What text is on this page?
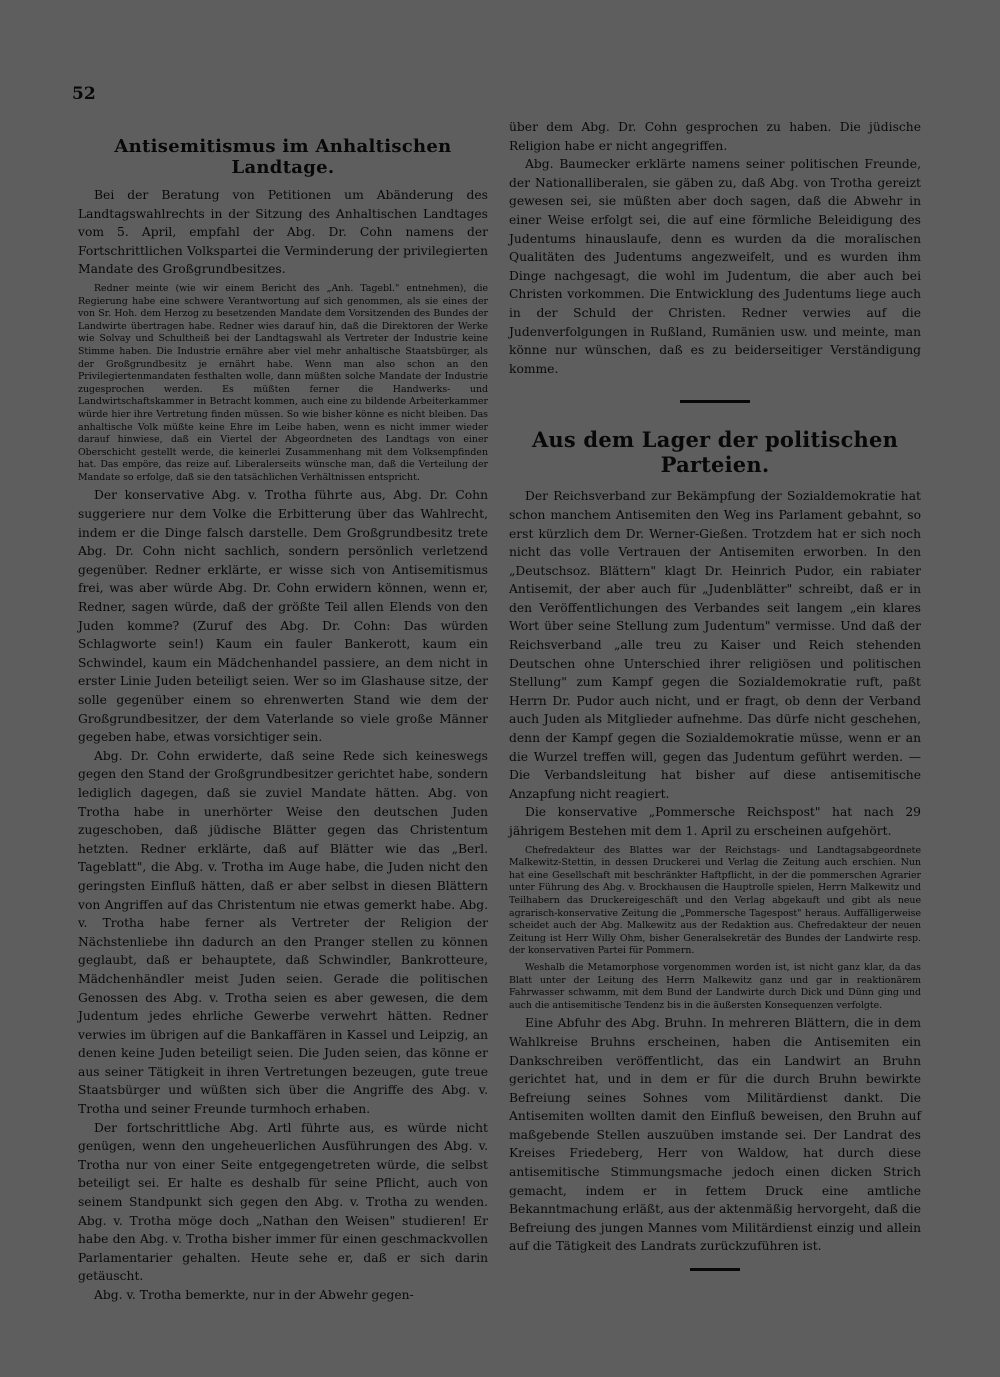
52
Antisemitismus im Anhaltischen Landtage.

Bei der Beratung von Petitionen um Abänderung des Landtagswahlrechts in der Sitzung des Anhaltischen Landtages vom 5. April, empfahl der Abg. Dr. Cohn namens der Fortschrittlichen Volkspartei die Verminderung der privilegierten Mandate des Großgrundbesitzes.

Redner meinte (wie wir einem Bericht des „Anh. Tagebl." entnehmen), die Regierung habe eine schwere Verantwortung auf sich genommen, als sie eines der von Sr. Hoh. dem Herzog zu besetzenden Mandate dem Vorsitzenden des Bundes der Landwirte übertragen habe. Redner wies darauf hin, daß die Direktoren der Werke wie Solvay und Schultheiß bei der Landtagswahl als Vertreter der Industrie keine Stimme haben. Die Industrie ernähre aber viel mehr anhaltische Staatsbürger, als der Großgrundbesitz je ernährt habe. Wenn man also schon an den Privilegiertenmandaten festhalten wolle, dann müßten solche Mandate der Industrie zugesprochen werden. Es müßten ferner die Handwerks- und Landwirtschaftskammer in Betracht kommen, auch eine zu bildende Arbeiterkammer würde hier ihre Vertretung finden müssen. So wie bisher könne es nicht bleiben. Das anhaltische Volk müßte keine Ehre im Leibe haben, wenn es nicht immer wieder darauf hinwiese, daß ein Viertel der Abgeordneten des Landtags von einer Oberschicht gestellt werde, die keinerlei Zusammenhang mit dem Volksempfinden hat. Das empöre, das reize auf. Liberalerseits wünsche man, daß die Verteilung der Mandate so erfolge, daß sie den tatsächlichen Verhältnissen entspricht.

Der konservative Abg. v. Trotha führte aus, Abg. Dr. Cohn suggeriere nur dem Volke die Erbitterung über das Wahlrecht, indem er die Dinge falsch darstelle. Dem Großgrundbesitz trete Abg. Dr. Cohn nicht sachlich, sondern persönlich verletzend gegenüber. Redner erklärte, er wisse sich von Antisemitismus frei, was aber würde Abg. Dr. Cohn erwidern können, wenn er, Redner, sagen würde, daß der größte Teil allen Elends von den Juden komme? (Zuruf des Abg. Dr. Cohn: Das würden Schlagworte sein!) Kaum ein fauler Bankerott, kaum ein Schwindel, kaum ein Mädchenhandel passiere, an dem nicht in erster Linie Juden beteiligt seien. Wer so im Glashause sitze, der solle gegenüber einem so ehrenwerten Stand wie dem der Großgrundbesitzer, der dem Vaterlande so viele große Männer gegeben habe, etwas vorsichtiger sein.

Abg. Dr. Cohn erwiderte, daß seine Rede sich keineswegs gegen den Stand der Großgrundbesitzer gerichtet habe, sondern lediglich dagegen, daß sie zuviel Mandate hätten. Abg. von Trotha habe in unerhörter Weise den deutschen Juden zugeschoben, daß jüdische Blätter gegen das Christentum hetzten. Redner erklärte, daß auf Blätter wie das „Berl. Tageblatt", die Abg. v. Trotha im Auge habe, die Juden nicht den geringsten Einfluß hätten, daß er aber selbst in diesen Blättern von Angriffen auf das Christentum nie etwas gemerkt habe. Abg. v. Trotha habe ferner als Vertreter der Religion der Nächstenliebe ihn dadurch an den Pranger stellen zu können geglaubt, daß er behauptete, daß Schwindler, Bankrotteure, Mädchenhändler meist Juden seien. Gerade die politischen Genossen des Abg. v. Trotha seien es aber gewesen, die dem Judentum jedes ehrliche Gewerbe verwehrt hätten. Redner verwies im übrigen auf die Bankaffären in Kassel und Leipzig, an denen keine Juden beteiligt seien. Die Juden seien, das könne er aus seiner Tätigkeit in ihren Vertretungen bezeugen, gute treue Staatsbürger und wüßten sich über die Angriffe des Abg. v. Trotha und seiner Freunde turmhoch erhaben.

Der fortschrittliche Abg. Artl führte aus, es würde nicht genügen, wenn den ungeheuerlichen Ausführungen des Abg. v. Trotha nur von einer Seite entgegengetreten würde, die selbst beteiligt sei. Er halte es deshalb für seine Pflicht, auch von seinem Standpunkt sich gegen den Abg. v. Trotha zu wenden. Abg. v. Trotha möge doch „Nathan den Weisen" studieren! Er habe den Abg. v. Trotha bisher immer für einen geschmackvollen Parlamentarier gehalten. Heute sehe er, daß er sich darin getäuscht.

Abg. v. Trotha bemerkte, nur in der Abwehr gegen-

über dem Abg. Dr. Cohn gesprochen zu haben. Die jüdische Religion habe er nicht angegriffen.

Abg. Baumecker erklärte namens seiner politischen Freunde, der Nationalliberalen, sie gäben zu, daß Abg. von Trotha gereizt gewesen sei, sie müßten aber doch sagen, daß die Abwehr in einer Weise erfolgt sei, die auf eine förmliche Beleidigung des Judentums hinauslaufe, denn es wurden da die moralischen Qualitäten des Judentums angezweifelt, und es wurden ihm Dinge nachgesagt, die wohl im Judentum, die aber auch bei Christen vorkommen. Die Entwicklung des Judentums liege auch in der Schuld der Christen. Redner verwies auf die Judenverfolgungen in Rußland, Rumänien usw. und meinte, man könne nur wünschen, daß es zu beiderseitiger Verständigung komme.

Aus dem Lager der politischen Parteien.

Der Reichsverband zur Bekämpfung der Sozialdemokratie hat schon manchem Antisemiten den Weg ins Parlament gebahnt, so erst kürzlich dem Dr. Werner-Gießen. Trotzdem hat er sich noch nicht das volle Vertrauen der Antisemiten erworben. In den „Deutschsoz. Blättern" klagt Dr. Heinrich Pudor, ein rabiater Antisemit, der aber auch für „Judenblätter" schreibt, daß er in den Veröffentlichungen des Verbandes seit langem „ein klares Wort über seine Stellung zum Judentum" vermisse. Und daß der Reichsverband „alle treu zu Kaiser und Reich stehenden Deutschen ohne Unterschied ihrer religiösen und politischen Stellung" zum Kampf gegen die Sozialdemokratie ruft, paßt Herrn Dr. Pudor auch nicht, und er fragt, ob denn der Verband auch Juden als Mitglieder aufnehme. Das dürfe nicht geschehen, denn der Kampf gegen die Sozialdemokratie müsse, wenn er an die Wurzel treffen will, gegen das Judentum geführt werden. — Die Verbandsleitung hat bisher auf diese antisemitische Anzapfung nicht reagiert.

Die konservative „Pommersche Reichspost" hat nach 29 jährigem Bestehen mit dem 1. April zu erscheinen aufgehört.

Chefredakteur des Blattes war der Reichstags- und Landtagsabgeordnete Malkewitz-Stettin, in dessen Druckerei und Verlag die Zeitung auch erschien. Nun hat eine Gesellschaft mit beschränkter Haftpflicht, in der die pommerschen Agrarier unter Führung des Abg. v. Brockhausen die Hauptrolle spielen, Herrn Malkewitz und Teilhabern das Druckereigeschäft und den Verlag abgekauft und gibt als neue agrarisch-konservative Zeitung die „Pommersche Tagespost" heraus. Auffälligerweise scheidet auch der Abg. Malkewitz aus der Redaktion aus. Chefredakteur der neuen Zeitung ist Herr Willy Ohm, bisher Generalsekretär des Bundes der Landwirte resp. der konservativen Partei für Pommern.

Weshalb die Metamorphose vorgenommen worden ist, ist nicht ganz klar, da das Blatt unter der Leitung des Herrn Malkewitz ganz und gar in reaktionärem Fahrwasser schwamm, mit dem Bund der Landwirte durch Dick und Dünn ging und auch die antisemitische Tendenz bis in die äußersten Konsequenzen verfolgte.

Eine Abfuhr des Abg. Bruhn. In mehreren Blättern, die in dem Wahlkreise Bruhns erscheinen, haben die Antisemiten ein Dankschreiben veröffentlicht, das ein Landwirt an Bruhn gerichtet hat, und in dem er für die durch Bruhn bewirkte Befreiung seines Sohnes vom Militärdienst dankt. Die Antisemiten wollten damit den Einfluß beweisen, den Bruhn auf maßgebende Stellen auszuüben imstande sei. Der Landrat des Kreises Friedeberg, Herr von Waldow, hat durch diese antisemitische Stimmungsmache jedoch einen dicken Strich gemacht, indem er in fettem Druck eine amtliche Bekanntmachung erläßt, aus der aktenmäßig hervorgeht, daß die Befreiung des jungen Mannes vom Militärdienst einzig und allein auf die Tätigkeit des Landrats zurückzuführen ist.
